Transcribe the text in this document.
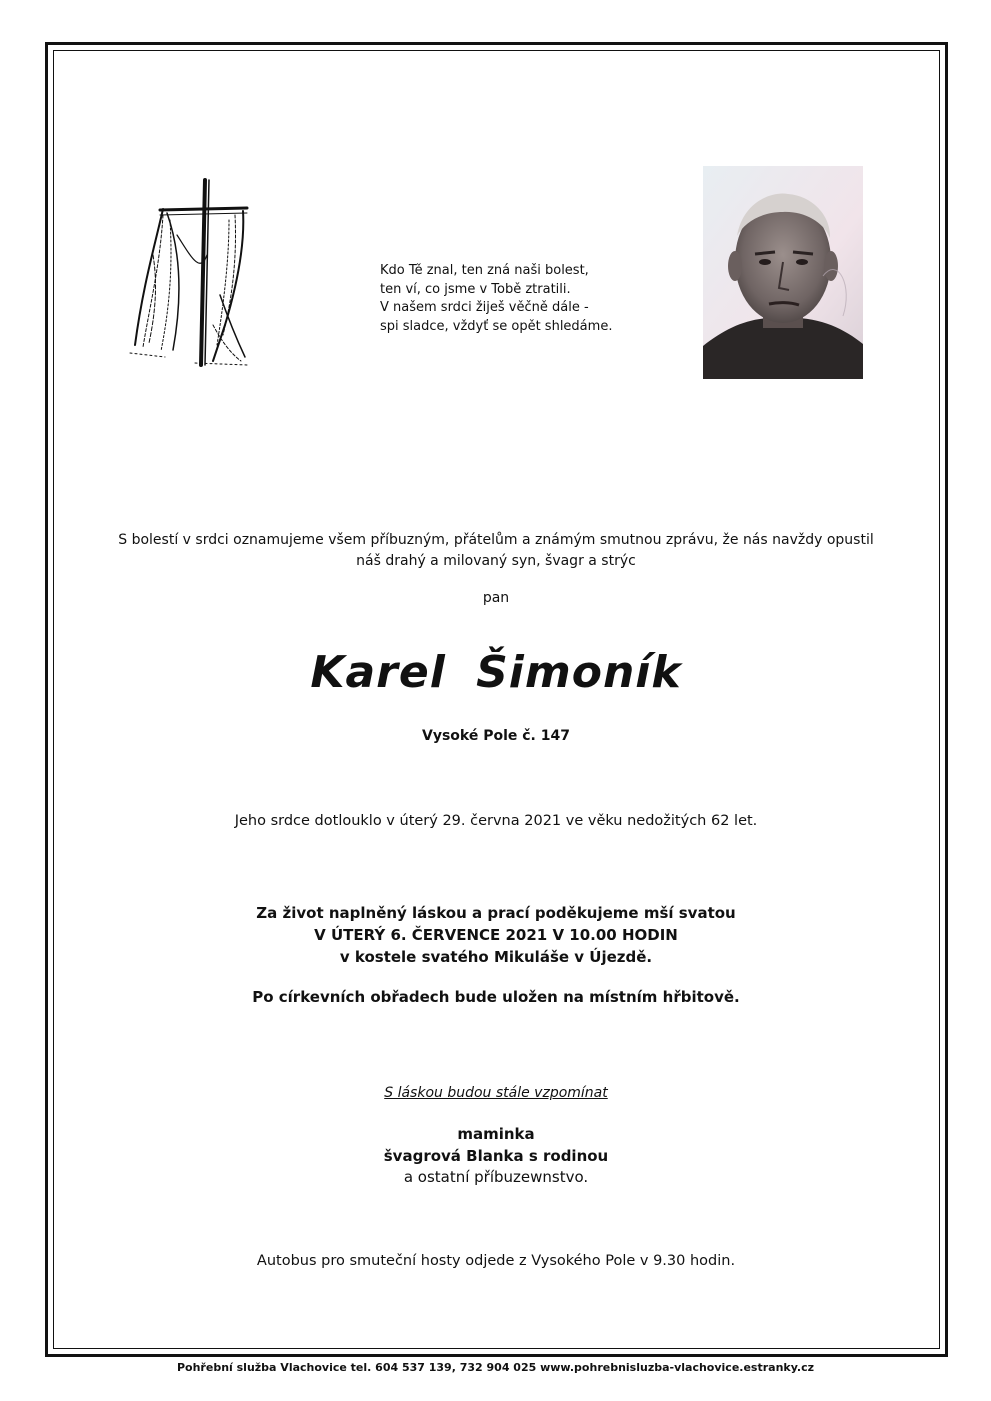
Kdo Tě znal, ten zná naši bolest,
ten ví, co jsme v Tobě ztratili.
V našem srdci žiješ věčně dále -
spi sladce, vždyť se opět shledáme.
S bolestí v srdci oznamujeme všem příbuzným, přátelům a známým smutnou zprávu, že nás navždy opustil
náš drahý a milovaný syn, švagr a strýc
pan
Karel Šimoník
Vysoké Pole č. 147
Jeho srdce dotlouklo v úterý 29. června 2021 ve věku nedožitých 62 let.
Za život naplněný láskou a prací poděkujeme mší svatou
V ÚTERÝ 6. ČERVENCE 2021 V 10.00 HODIN
v kostele svatého Mikuláše v Újezdě.
Po církevních obřadech bude uložen na místním hřbitově.
S láskou budou stále vzpomínat
maminka
švagrová Blanka s rodinou
a ostatní příbuzewnstvo.
Autobus pro smuteční hosty odjede z Vysokého Pole v 9.30 hodin.
Pohřební služba Vlachovice tel. 604 537 139, 732 904 025 www.pohrebnisluzba-vlachovice.estranky.cz
